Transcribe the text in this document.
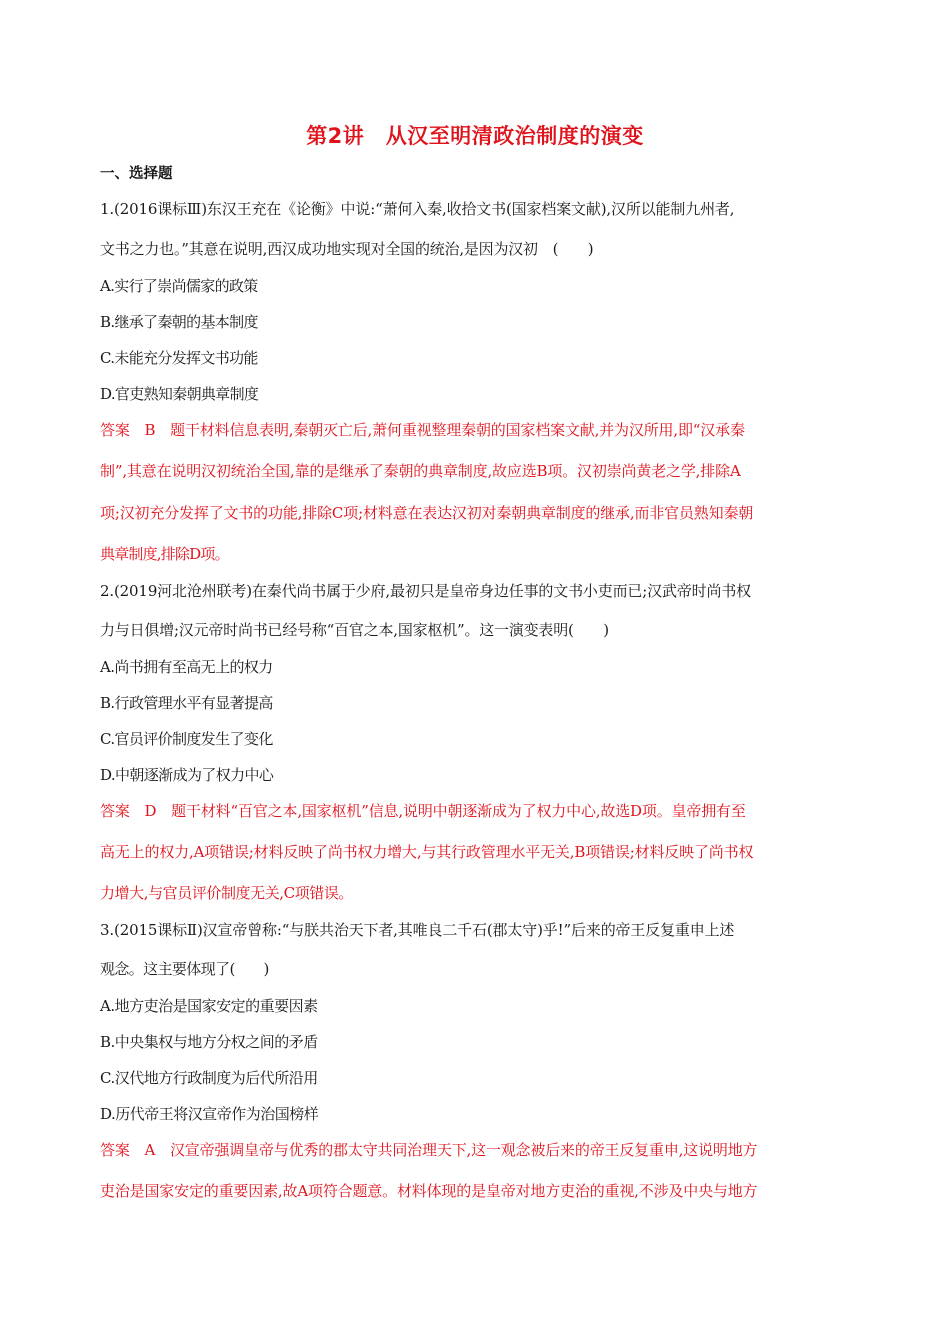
第2讲　从汉至明清政治制度的演变
一、选择题
1.(2016课标Ⅲ)东汉王充在《论衡》中说:“萧何入秦,收拾文书(国家档案文献),汉所以能制九州者,
文书之力也。”其意在说明,西汉成功地实现对全国的统治,是因为汉初　(　　)
A.实行了崇尚儒家的政策
B.继承了秦朝的基本制度
C.未能充分发挥文书功能
D.官吏熟知秦朝典章制度
答案　B　题干材料信息表明,秦朝灭亡后,萧何重视整理秦朝的国家档案文献,并为汉所用,即“汉承秦
制”,其意在说明汉初统治全国,靠的是继承了秦朝的典章制度,故应选B项。汉初崇尚黄老之学,排除A
项;汉初充分发挥了文书的功能,排除C项;材料意在表达汉初对秦朝典章制度的继承,而非官员熟知秦朝
典章制度,排除D项。
2.(2019河北沧州联考)在秦代尚书属于少府,最初只是皇帝身边任事的文书小吏而已;汉武帝时尚书权
力与日俱增;汉元帝时尚书已经号称“百官之本,国家枢机”。这一演变表明(　　)
A.尚书拥有至高无上的权力
B.行政管理水平有显著提高
C.官员评价制度发生了变化
D.中朝逐渐成为了权力中心
答案　D　题干材料“百官之本,国家枢机”信息,说明中朝逐渐成为了权力中心,故选D项。皇帝拥有至
高无上的权力,A项错误;材料反映了尚书权力增大,与其行政管理水平无关,B项错误;材料反映了尚书权
力增大,与官员评价制度无关,C项错误。
3.(2015课标Ⅱ)汉宣帝曾称:“与朕共治天下者,其唯良二千石(郡太守)乎!”后来的帝王反复重申上述
观念。这主要体现了(　　)
A.地方吏治是国家安定的重要因素
B.中央集权与地方分权之间的矛盾
C.汉代地方行政制度为后代所沿用
D.历代帝王将汉宣帝作为治国榜样
答案　A　汉宣帝强调皇帝与优秀的郡太守共同治理天下,这一观念被后来的帝王反复重申,这说明地方
吏治是国家安定的重要因素,故A项符合题意。材料体现的是皇帝对地方吏治的重视,不涉及中央与地方
